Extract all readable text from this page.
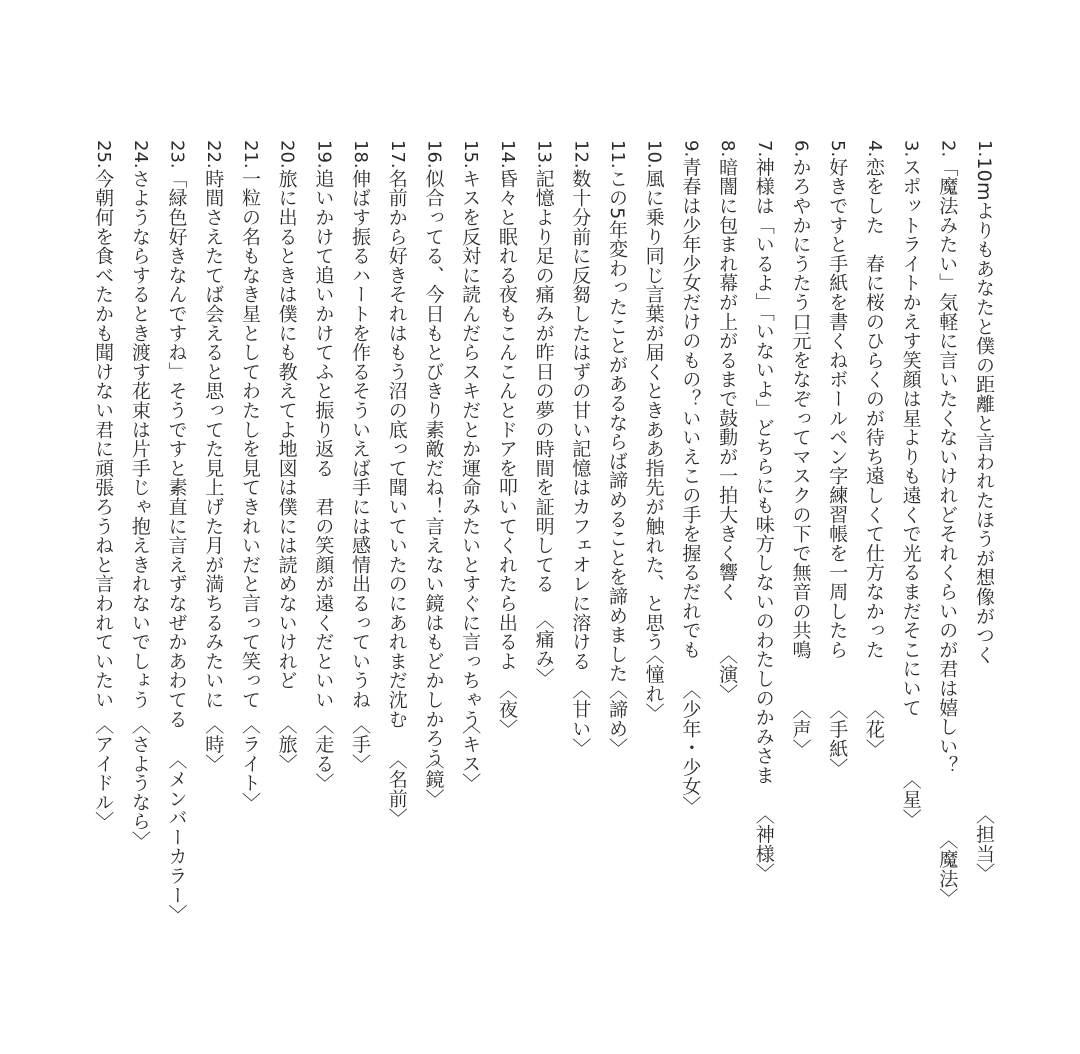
1.10mよりもあなたと僕の距離と言われたほうが想像がつく
〈担当〉
2.「魔法みたい」気軽に言いたくないけれどそれくらいのが君は嬉しい？
〈魔法〉
3.スポットライトかえす笑顔は星よりも遠くで光るまだそこにいて
〈星〉
4.恋をした　春に桜のひらくのが待ち遠しくて仕方なかった
〈花〉
5.好きですと手紙を書くねボールペン字練習帳を一周したら
〈手紙〉
6.かろやかにうたう口元をなぞってマスクの下で無音の共鳴
〈声〉
7.神様は「いるよ」「いないよ」どちらにも味方しないのわたしのかみさま
〈神様〉
8.暗闇に包まれ幕が上がるまで鼓動が一拍大きく響く
〈演〉
9.青春は少年少女だけのもの？いいえこの手を握るだれでも
〈少年・少女〉
10.風に乗り同じ言葉が届くときああ指先が触れた、と思う
〈憧れ〉
11.この5年変わったことがあるならば諦めることを諦めました
〈諦め〉
12.数十分前に反芻したはずの甘い記憶はカフェオレに溶ける
〈甘い〉
13.記憶より足の痛みが昨日の夢の時間を証明してる
〈痛み〉
14.昏々と眠れる夜もこんこんとドアを叩いてくれたら出るよ
〈夜〉
15.キスを反対に読んだらスキだとか運命みたいとすぐに言っちゃう
〈キス〉
16.似合ってる、今日もとびきり素敵だね！言えない鏡はもどかしかろう
〈鏡〉
17.名前から好きそれはもう沼の底って聞いていたのにあれまだ沈む
〈名前〉
18.伸ばす振るハートを作るそういえば手には感情出るっていうね
〈手〉
19.追いかけて追いかけてふと振り返る　君の笑顔が遠くだといい
〈走る〉
20.旅に出るときは僕にも教えてよ地図は僕には読めないけれど
〈旅〉
21.一粒の名もなき星としてわたしを見てきれいだと言って笑って
〈ライト〉
22.時間さえたてば会えると思ってた見上げた月が満ちるみたいに
〈時〉
23.「緑色好きなんですね」そうですと素直に言えずなぜかあわてる
〈メンバーカラー〉
24.さようならするとき渡す花束は片手じゃ抱えきれないでしょう
〈さようなら〉
25.今朝何を食べたかも聞けない君に頑張ろうねと言われていたい
〈アイドル〉
